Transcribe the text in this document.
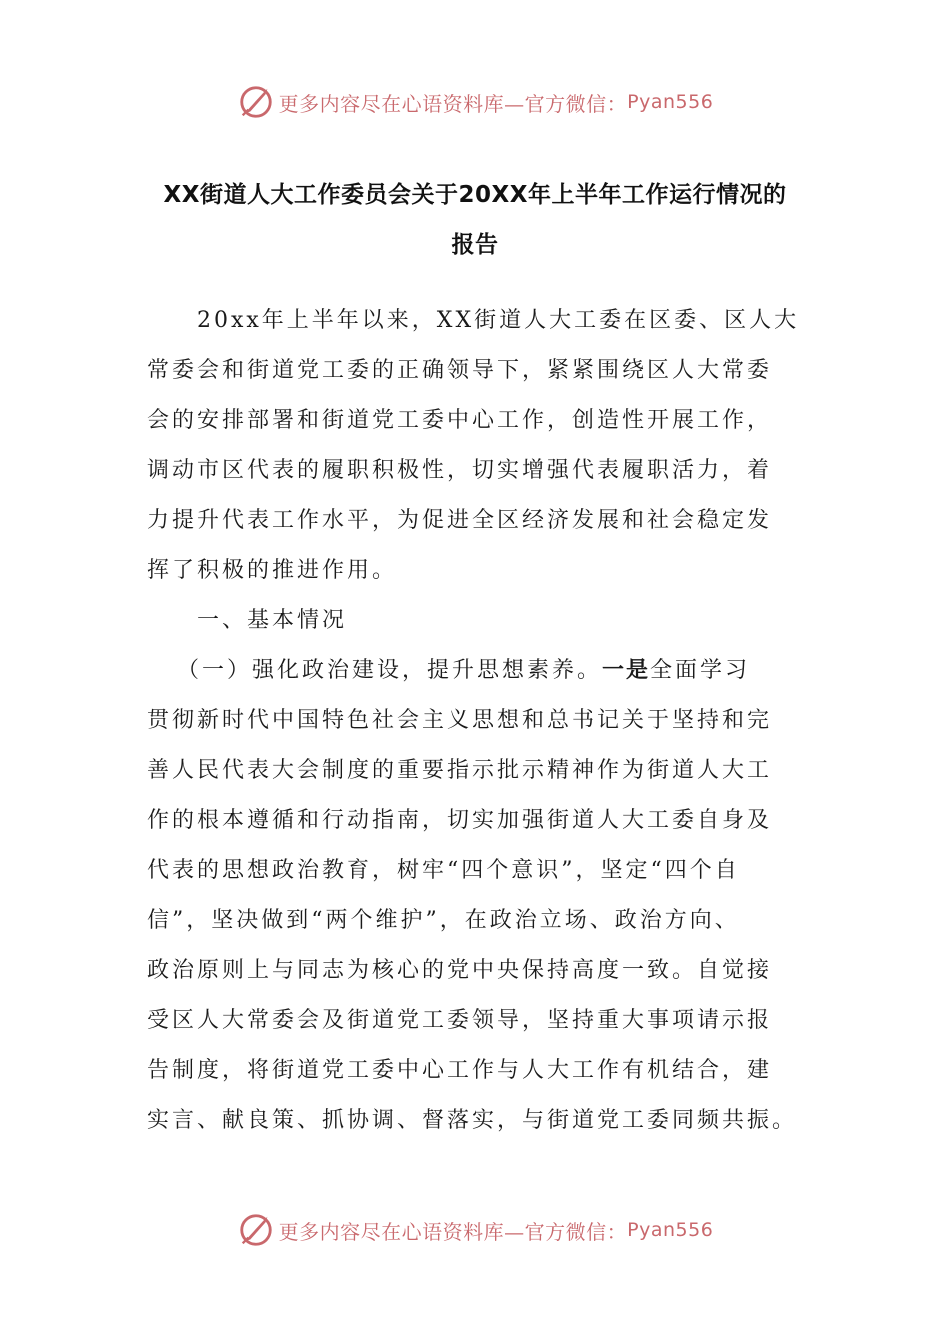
更多内容尽在心语资料库—官方微信： Pyan556
XX街道人大工作委员会关于20XX年上半年工作运行情况的
报告
20xx年上半年以来，XX街道人大工委在区委、区人大
常委会和街道党工委的正确领导下，紧紧围绕区人大常委
会的安排部署和街道党工委中心工作，创造性开展工作，
调动市区代表的履职积极性，切实增强代表履职活力，着
力提升代表工作水平，为促进全区经济发展和社会稳定发
挥了积极的推进作用。
一、基本情况
（一）强化政治建设，提升思想素养。一是全面学习
贯彻新时代中国特色社会主义思想和总书记关于坚持和完
善人民代表大会制度的重要指示批示精神作为街道人大工
作的根本遵循和行动指南，切实加强街道人大工委自身及
代表的思想政治教育，树牢“四个意识”，坚定“四个自
信”，坚决做到“两个维护”，在政治立场、政治方向、
政治原则上与同志为核心的党中央保持高度一致。自觉接
受区人大常委会及街道党工委领导，坚持重大事项请示报
告制度，将街道党工委中心工作与人大工作有机结合，建
实言、献良策、抓协调、督落实，与街道党工委同频共振。
更多内容尽在心语资料库—官方微信： Pyan556
